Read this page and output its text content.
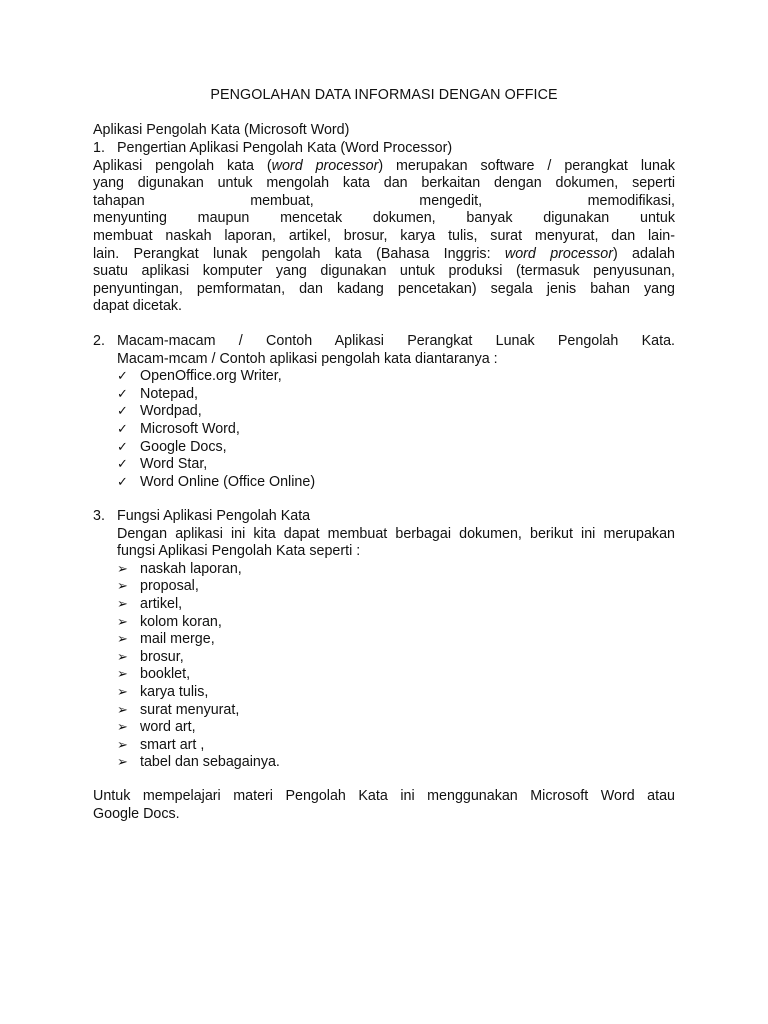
PENGOLAHAN DATA INFORMASI DENGAN OFFICE
Aplikasi Pengolah Kata (Microsoft Word)
1. Pengertian Aplikasi Pengolah Kata (Word Processor)
Aplikasi pengolah kata (word processor) merupakan software / perangkat lunak
yang digunakan untuk mengolah kata dan berkaitan dengan dokumen, seperti
tahapan membuat, mengedit, memodifikasi,
menyunting maupun mencetak dokumen, banyak digunakan untuk
membuat naskah laporan, artikel, brosur, karya tulis, surat menyurat, dan lain-
lain. Perangkat lunak pengolah kata (Bahasa Inggris: word processor) adalah
suatu aplikasi komputer yang digunakan untuk produksi (termasuk penyusunan,
penyuntingan, pemformatan, dan kadang pencetakan) segala jenis bahan yang
dapat dicetak.
2. Macam-macam / Contoh Aplikasi Perangkat Lunak Pengolah Kata.
Macam-mcam / Contoh aplikasi pengolah kata diantaranya :
✓ OpenOffice.org Writer,
✓ Notepad,
✓ Wordpad,
✓ Microsoft Word,
✓ Google Docs,
✓ Word Star,
✓ Word Online (Office Online)
3. Fungsi Aplikasi Pengolah Kata
Dengan aplikasi ini kita dapat membuat berbagai dokumen, berikut ini merupakan
fungsi Aplikasi Pengolah Kata seperti :
➢ naskah laporan,
➢ proposal,
➢ artikel,
➢ kolom koran,
➢ mail merge,
➢ brosur,
➢ booklet,
➢ karya tulis,
➢ surat menyurat,
➢ word art,
➢ smart art ,
➢ tabel dan sebagainya.
Untuk mempelajari materi Pengolah Kata ini menggunakan Microsoft Word atau
Google Docs.
